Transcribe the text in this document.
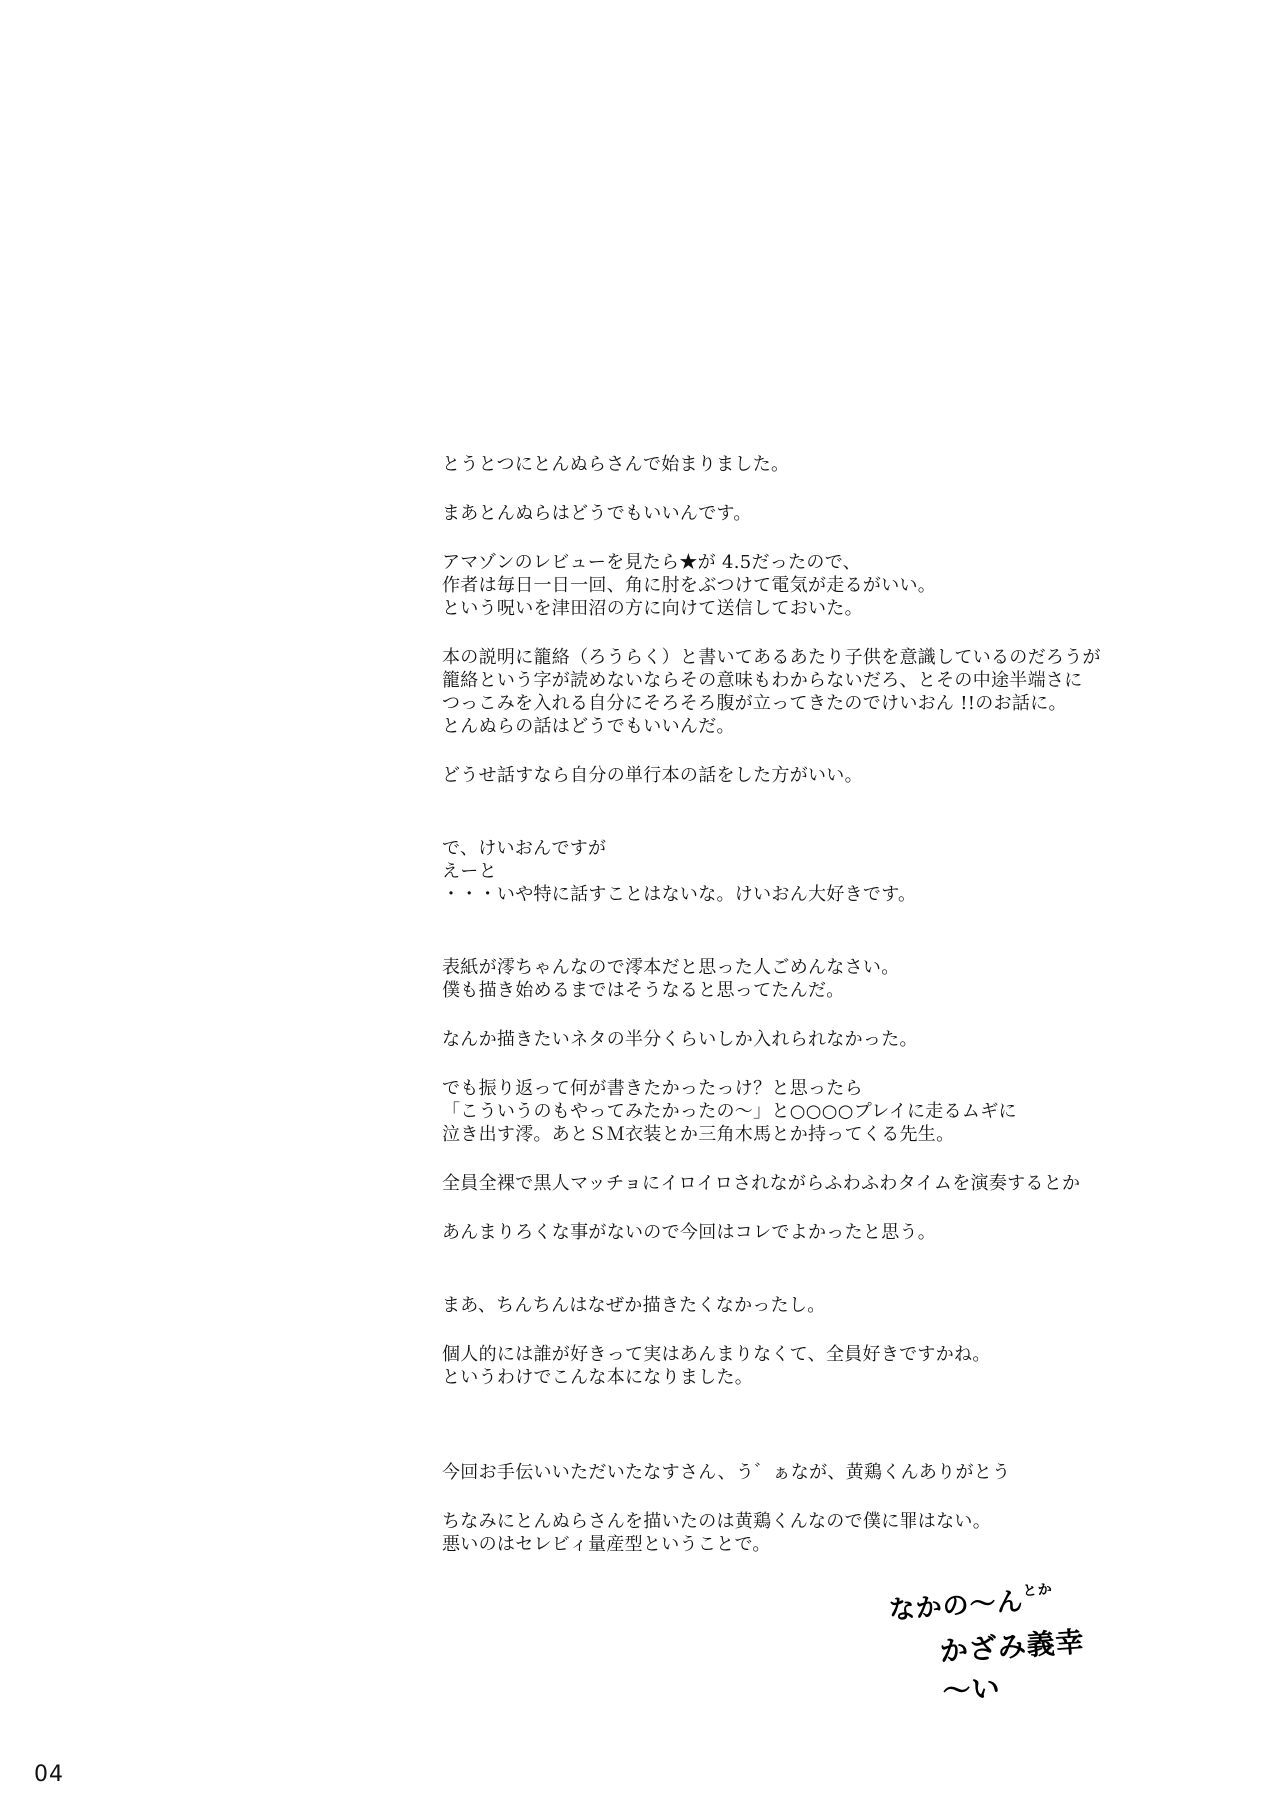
とうとつにとんぬらさんで始まりました。
まあとんぬらはどうでもいいんです。
アマゾンのレビューを見たら★が 4.5だったので、
作者は毎日一日一回、角に肘をぶつけて電気が走るがいい。
という呪いを津田沼の方に向けて送信しておいた。
本の説明に籠絡（ろうらく）と書いてあるあたり子供を意識しているのだろうが
籠絡という字が読めないならその意味もわからないだろ、とその中途半端さに
つっこみを入れる自分にそろそろ腹が立ってきたのでけいおん !!のお話に。
とんぬらの話はどうでもいいんだ。
どうせ話すなら自分の単行本の話をした方がいい。
で、けいおんですが
えーと
・・・いや特に話すことはないな。けいおん大好きです。
表紙が澪ちゃんなので澪本だと思った人ごめんなさい。
僕も描き始めるまではそうなると思ってたんだ。
なんか描きたいネタの半分くらいしか入れられなかった。
でも振り返って何が書きたかったっけ？と思ったら
「こういうのもやってみたかったの～」と○○○○プレイに走るムギに
泣き出す澪。あとＳＭ衣装とか三角木馬とか持ってくる先生。
全員全裸で黒人マッチョにイロイロされながらふわふわタイムを演奏するとか
あんまりろくな事がないので今回はコレでよかったと思う。
まあ、ちんちんはなぜか描きたくなかったし。
個人的には誰が好きって実はあんまりなくて、全員好きですかね。
というわけでこんな本になりました。
今回お手伝いいただいたなすさん、う゛ぁなが、黄鶏くんありがとう
ちなみにとんぬらさんを描いたのは黄鶏くんなので僕に罪はない。
悪いのはセレビィ量産型ということで。
なかの～ん$^{とか}$
かざみ義幸～い
04
